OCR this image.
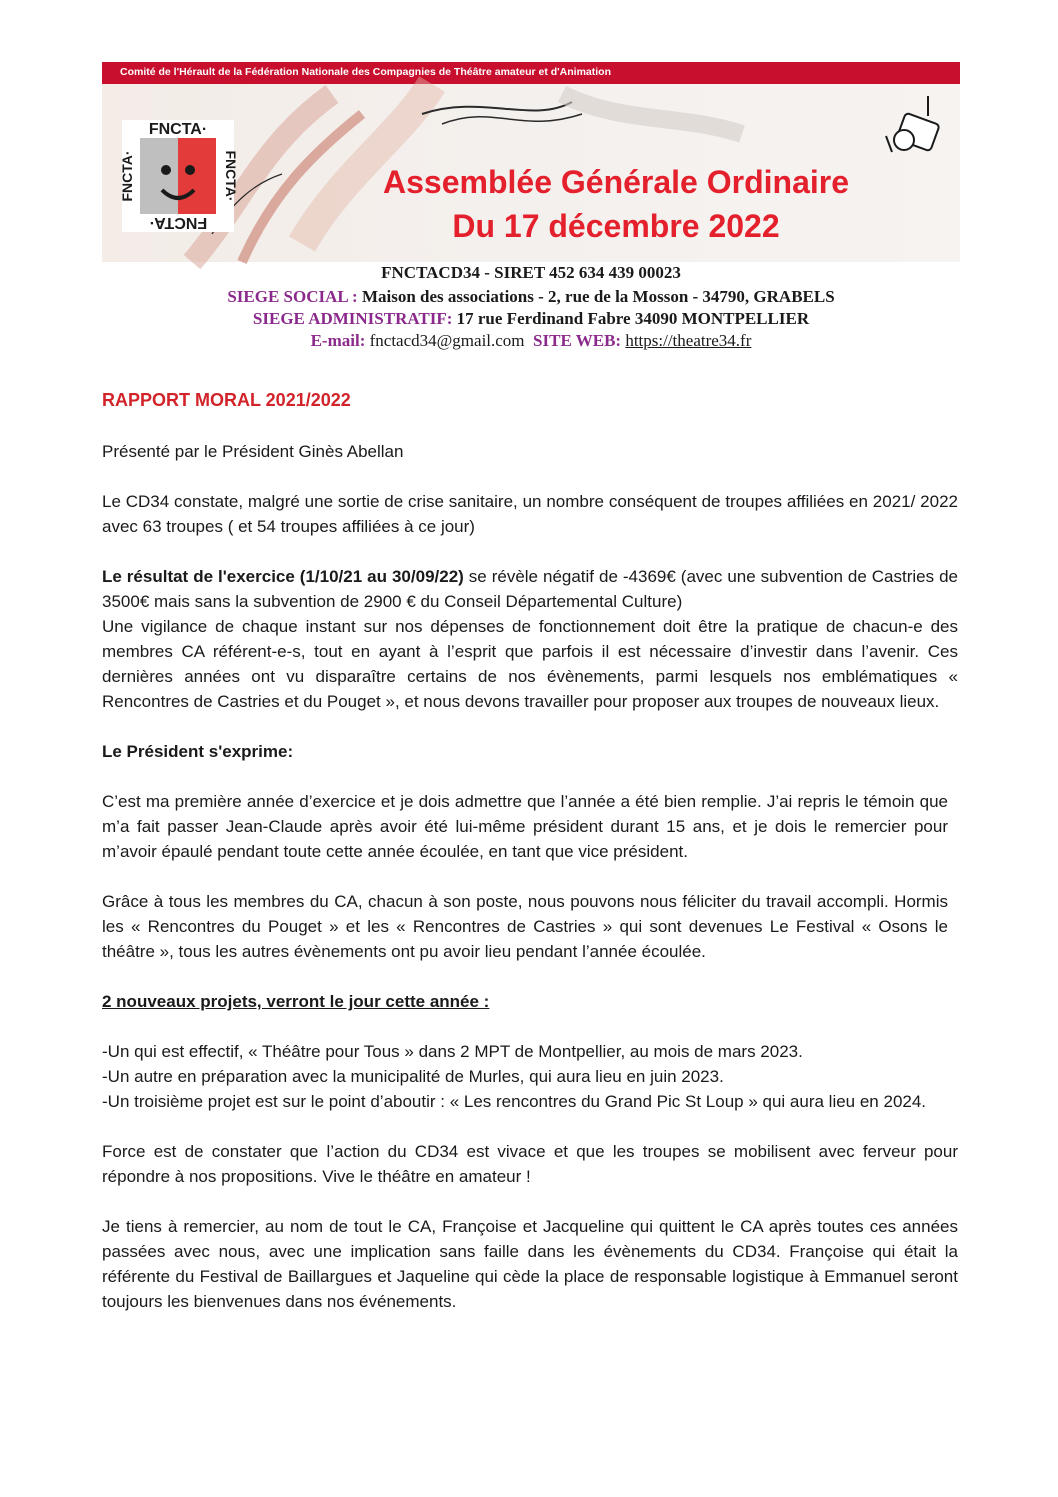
Comité de l'Hérault de la Fédération Nationale des Compagnies de Théâtre amateur et d'Animation
FNCTA·
FNCTA·
FNCTA·	FNCTA·	Assemblée Générale Ordinaire
Du 17 décembre 2022
FNCTACD34 - SIRET 452 634 439 00023
SIEGE SOCIAL : Maison des associations - 2, rue de la Mosson - 34790, GRABELS
SIEGE ADMINISTRATIF: 17 rue Ferdinand Fabre 34090 MONTPELLIER
E-mail: fnctacd34@gmail.com SITE WEB: https://theatre34.fr

RAPPORT MORAL 2021/2022

Présenté par le Président Ginès Abellan

Le CD34 constate, malgré une sortie de crise sanitaire, un nombre conséquent de troupes affiliées en 2021/ 2022 avec 63 troupes ( et 54 troupes affiliées à ce jour)

Le résultat de l'exercice (1/10/21 au 30/09/22) se révèle négatif de -4369€ (avec une subvention de Castries de 3500€ mais sans la subvention de 2900 € du Conseil Départemental Culture)

Une vigilance de chaque instant sur nos dépenses de fonctionnement doit être la pratique de chacun-e des membres CA référent-e-s, tout en ayant à l’esprit que parfois il est nécessaire d’investir dans l’avenir. Ces dernières années ont vu disparaître certains de nos évènements, parmi lesquels nos emblématiques « Rencontres de Castries et du Pouget », et nous devons travailler pour proposer aux troupes de nouveaux lieux.

Le Président s'exprime:

C’est ma première année d’exercice et je dois admettre que l’année a été bien remplie. J’ai repris le témoin que m’a fait passer Jean-Claude après avoir été lui-même président durant 15 ans, et je dois le remercier pour m’avoir épaulé pendant toute cette année écoulée, en tant que vice président.

Grâce à tous les membres du CA, chacun à son poste, nous pouvons nous féliciter du travail accompli. Hormis les « Rencontres du Pouget » et les « Rencontres de Castries » qui sont devenues Le Festival « Osons le théâtre », tous les autres évènements ont pu avoir lieu pendant l’année écoulée.

2 nouveaux projets, verront le jour cette année :

-Un qui est effectif, « Théâtre pour Tous » dans 2 MPT de Montpellier, au mois de mars 2023.

-Un autre en préparation avec la municipalité de Murles, qui aura lieu en juin 2023.

-Un troisième projet est sur le point d’aboutir : « Les rencontres du Grand Pic St Loup » qui aura lieu en 2024.

Force est de constater que l’action du CD34 est vivace et que les troupes se mobilisent avec ferveur pour répondre à nos propositions. Vive le théâtre en amateur !

Je tiens à remercier, au nom de tout le CA, Françoise et Jacqueline qui quittent le CA après toutes ces années passées avec nous, avec une implication sans faille dans les évènements du CD34. Françoise qui était la référente du Festival de Baillargues et Jaqueline qui cède la place de responsable logistique à Emmanuel seront toujours les bienvenues dans nos événements.
